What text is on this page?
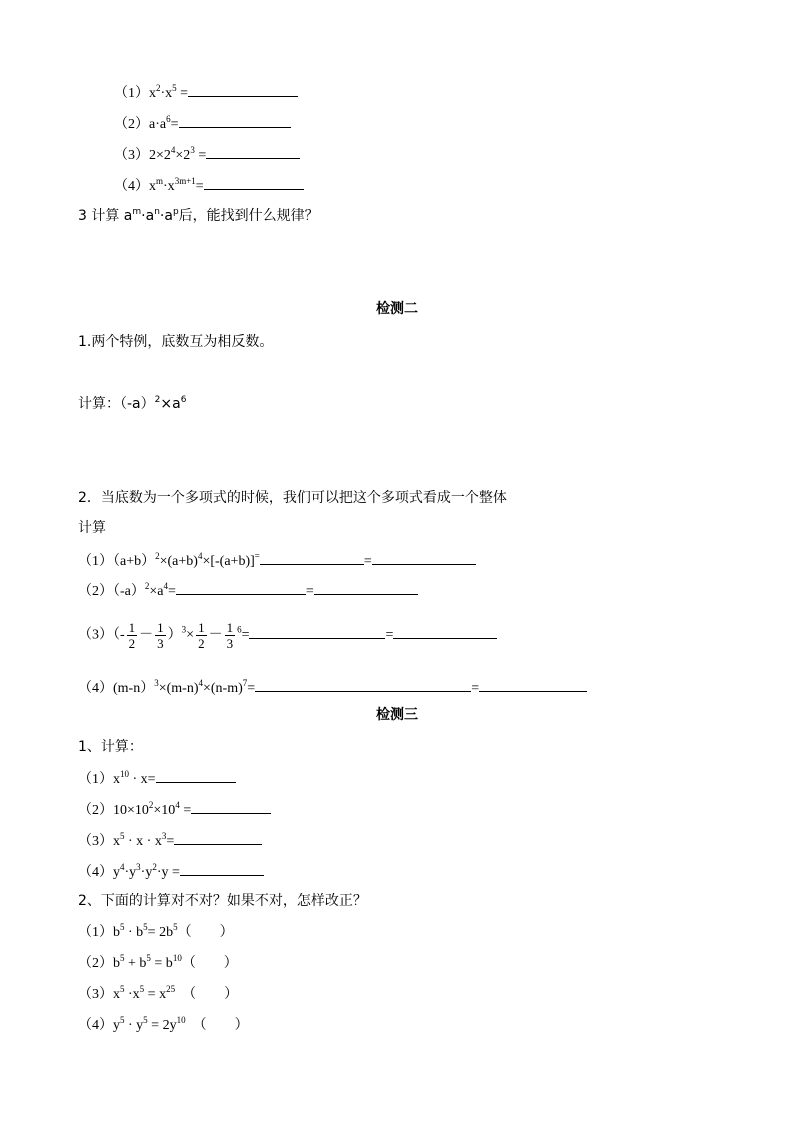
$(1)x^2\cdot x^5$ =
$(2)a\cdot a^6=$
$(3)2\times 2^4\times 2^3$ =
$(4)x^m\cdot x^{3m+1}=$
3 计算 $a^m\cdot a^n\cdot a^p$后，能找到什么规律？
检测二
1.两个特例，底数互为相反数。
计算：$(-a)^2\times a^6$
2．当底数为一个多项式的时候，我们可以把这个多项式看成一个整体
计算
$(1)(a+b)^2\times(a+b)^4\times[-(a+b)]^=$	=
$(2)(-a)^2\times a^4=$	=
$(3)(- \frac{1}{2} - \frac{1}{3} )^3\times \frac{1}{2} - \frac{1}{3} ^6=$	=
$(4)(m-n)^3\times(m-n)^4\times(n-m)^7=$	=
检测三
1、计算：
$(1)x^{10} \cdot x=$
$(2)10\times 10^2\times 10^4$ =
$(3)x^5 \cdot x \cdot x^3=$
$(4)y^4\cdot y^3\cdot y^2\cdot y$ =
2、下面的计算对不对？如果不对，怎样改正？
$(1)b^5 \cdot b^5= 2b^5$（　　）
$(2)b^5 + b^5 = b^{10}$（　　）
$(3)x^5 \cdot x^5 = x^{25}$　（　　）
$(4)y^5 \cdot y^5 = 2y^{10}$　（　　）
